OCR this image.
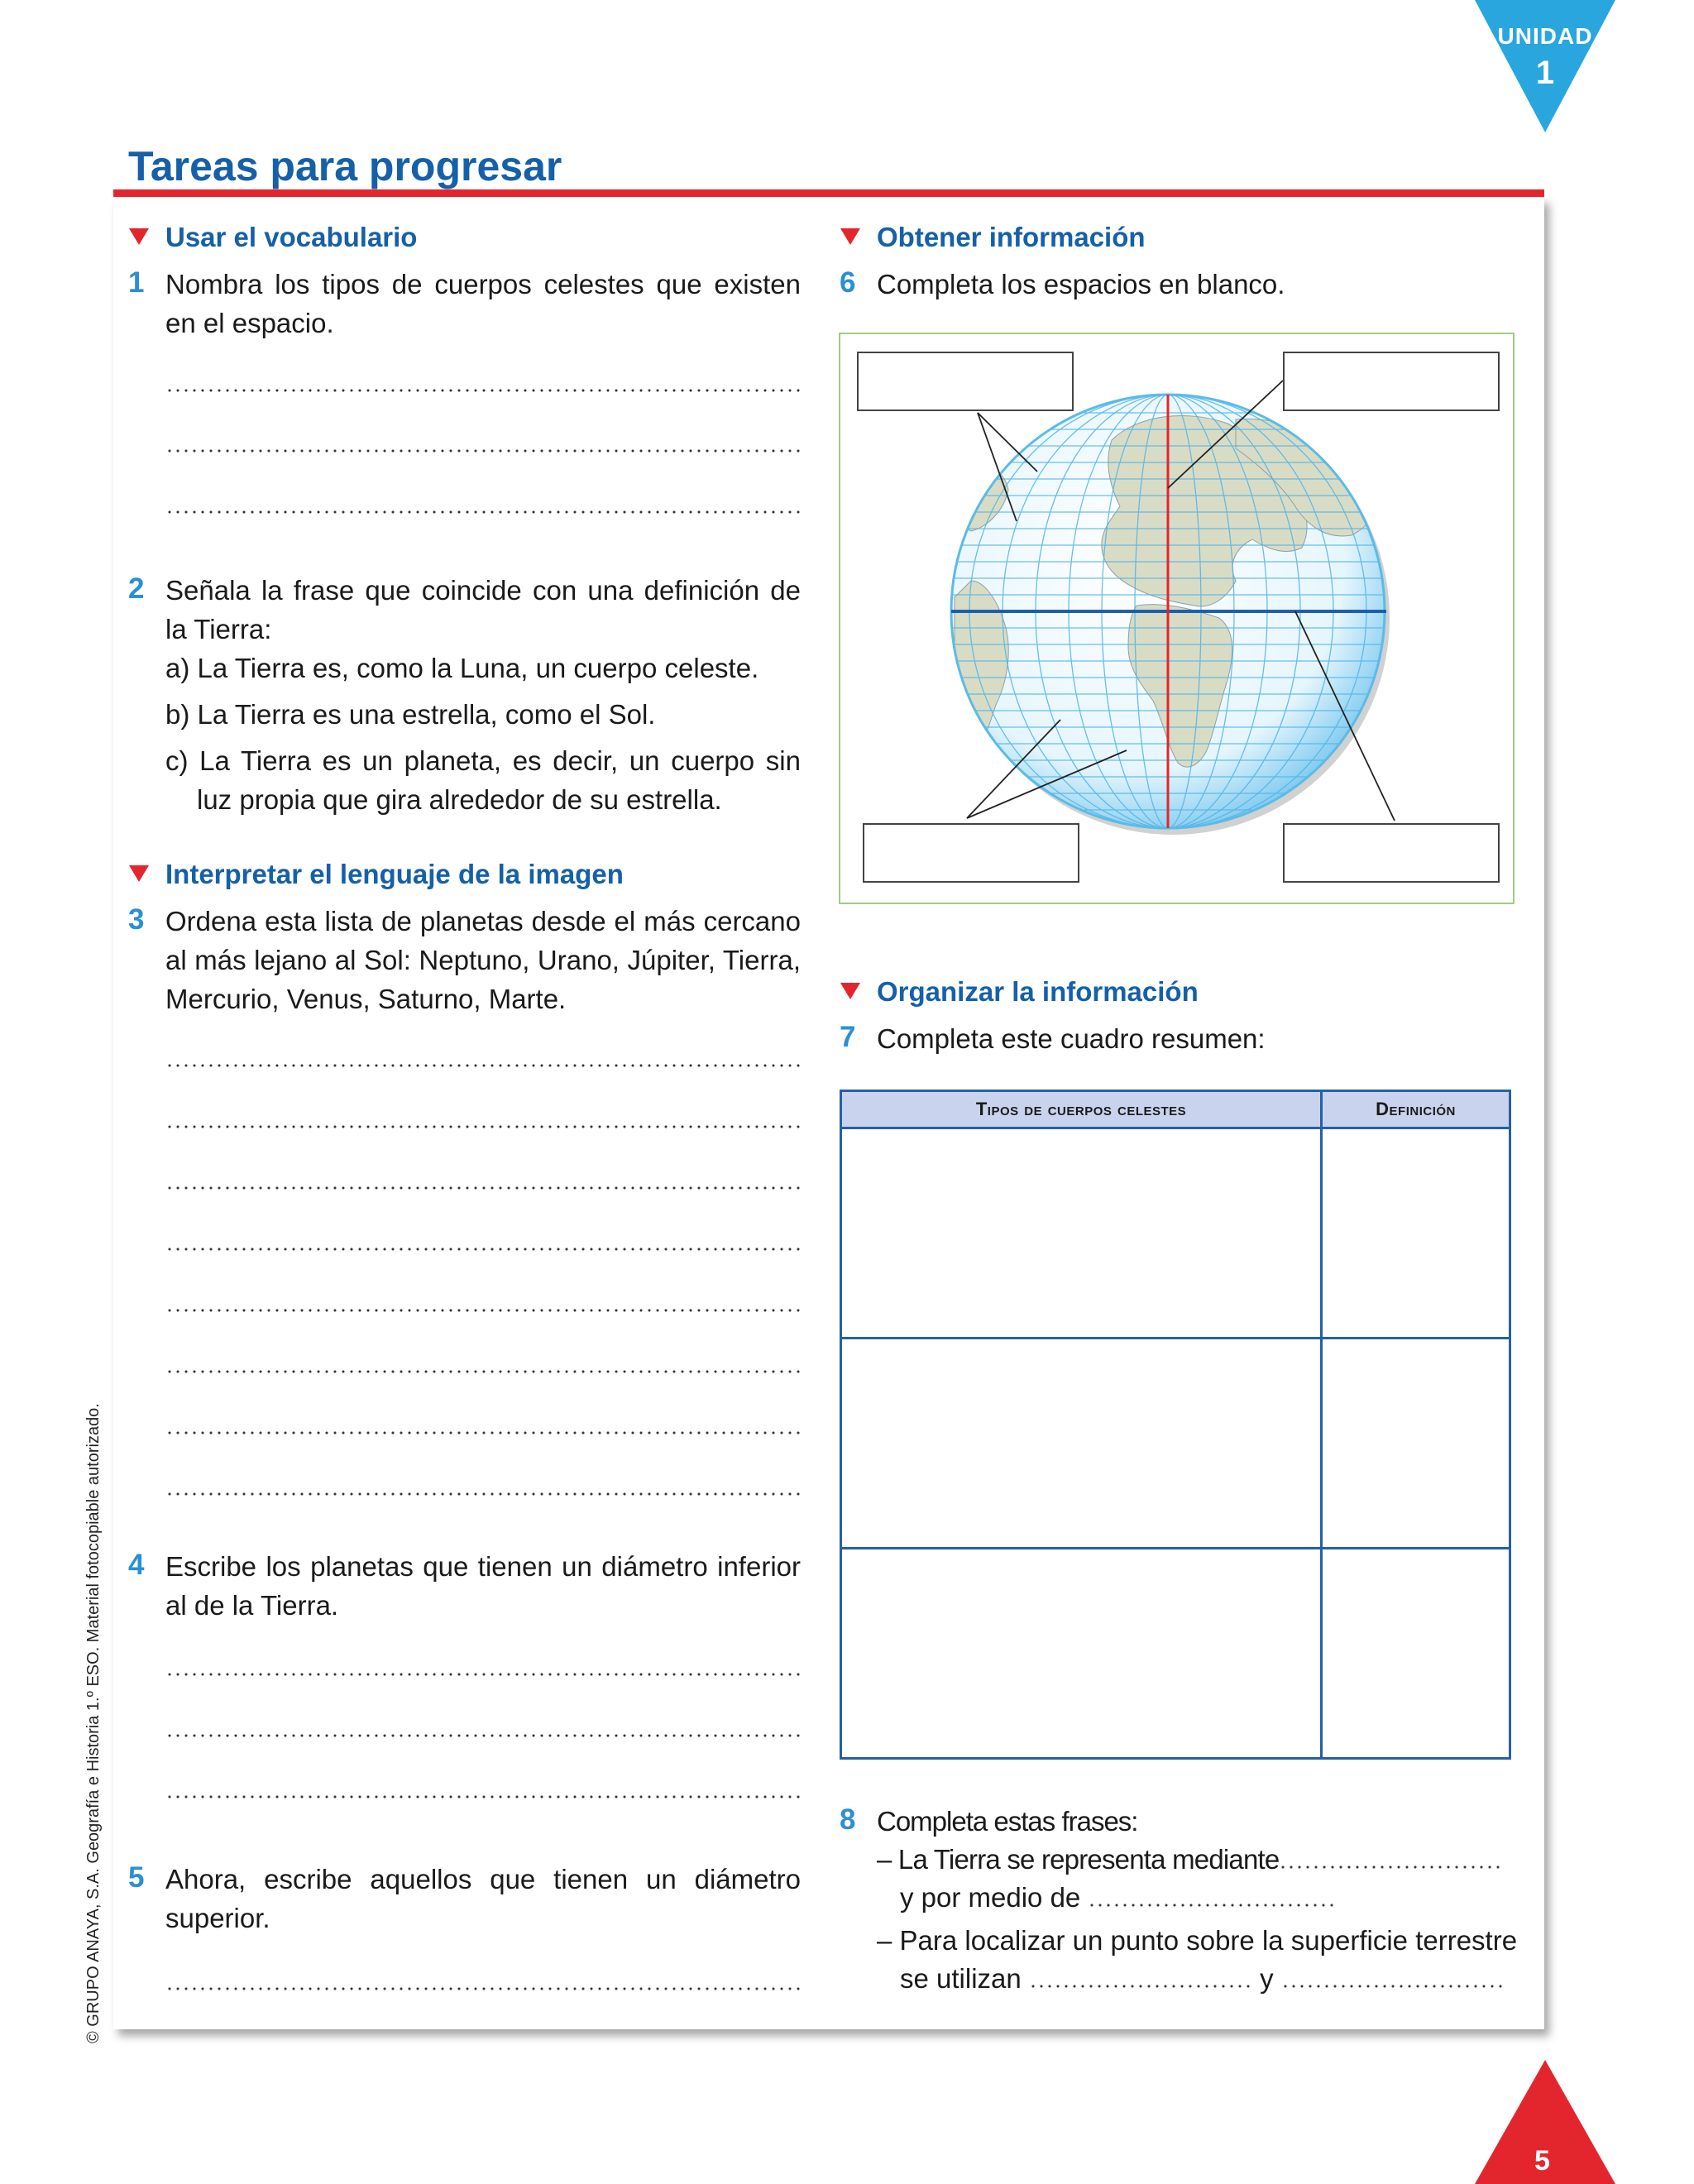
UNIDAD
1
Tareas para progresar
© GRUPO ANAYA, S.A. Geografía e Historia 1.º ESO. Material fotocopiable autorizado.
Usar el vocabulario
1 Nombra los tipos de cuerpos celestes que existen en el espacio.
2 Señala la frase que coincide con una definición de la Tierra:
a) La Tierra es, como la Luna, un cuerpo celeste.
b) La Tierra es una estrella, como el Sol.
c) La Tierra es un planeta, es decir, un cuerpo sin luz propia que gira alrededor de su estrella.
Interpretar el lenguaje de la imagen
3 Ordena esta lista de planetas desde el más cercano al más lejano al Sol: Neptuno, Urano, Júpiter, Tierra, Mercurio, Venus, Saturno, Marte.
4 Escribe los planetas que tienen un diámetro inferior al de la Tierra.
5 Ahora, escribe aquellos que tienen un diámetro superior.
Obtener información
6 Completa los espacios en blanco.
Organizar la información
7 Completa este cuadro resumen:
Tipos de cuerpos celestes	Definición

8 Completa estas frases:
– La Tierra se representa mediante
y por medio de
– Para localizar un punto sobre la superficie terrestre
se utilizan	y
5
